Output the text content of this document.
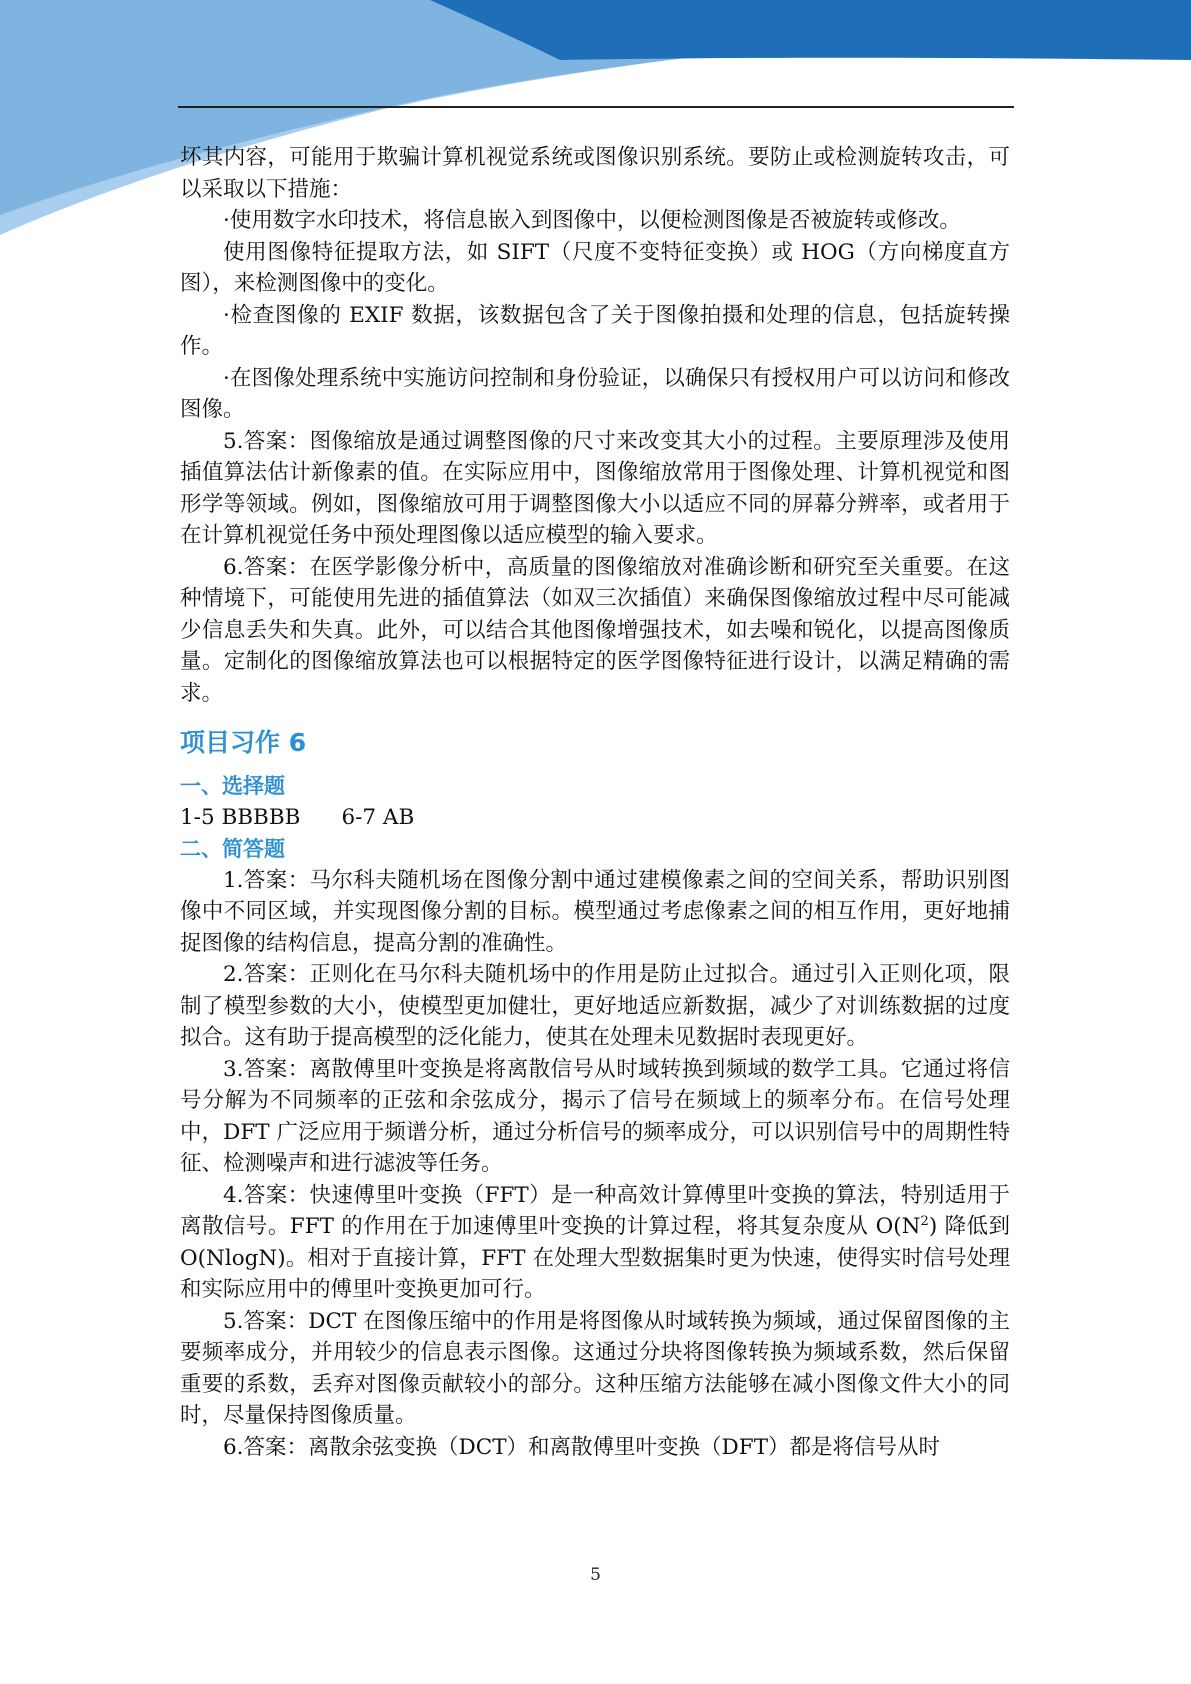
坏其内容，可能用于欺骗计算机视觉系统或图像识别系统。要防止或检测旋转攻击，可以采取以下措施：

·使用数字水印技术，将信息嵌入到图像中，以便检测图像是否被旋转或修改。

使用图像特征提取方法，如 SIFT（尺度不变特征变换）或 HOG（方向梯度直方图），来检测图像中的变化。

·检查图像的 EXIF 数据，该数据包含了关于图像拍摄和处理的信息，包括旋转操作。

·在图像处理系统中实施访问控制和身份验证，以确保只有授权用户可以访问和修改图像。

5.答案：图像缩放是通过调整图像的尺寸来改变其大小的过程。主要原理涉及使用插值算法估计新像素的值。在实际应用中，图像缩放常用于图像处理、计算机视觉和图形学等领域。例如，图像缩放可用于调整图像大小以适应不同的屏幕分辨率，或者用于在计算机视觉任务中预处理图像以适应模型的输入要求。

6.答案：在医学影像分析中，高质量的图像缩放对准确诊断和研究至关重要。在这种情境下，可能使用先进的插值算法（如双三次插值）来确保图像缩放过程中尽可能减少信息丢失和失真。此外，可以结合其他图像增强技术，如去噪和锐化，以提高图像质量。定制化的图像缩放算法也可以根据特定的医学图像特征进行设计，以满足精确的需求。

项目习作 6
一、选择题

1-5 BBBBB      6-7 AB

二、简答题

1.答案：马尔科夫随机场在图像分割中通过建模像素之间的空间关系，帮助识别图像中不同区域，并实现图像分割的目标。模型通过考虑像素之间的相互作用，更好地捕捉图像的结构信息，提高分割的准确性。

2.答案：正则化在马尔科夫随机场中的作用是防止过拟合。通过引入正则化项，限制了模型参数的大小，使模型更加健壮，更好地适应新数据，减少了对训练数据的过度拟合。这有助于提高模型的泛化能力，使其在处理未见数据时表现更好。

3.答案：离散傅里叶变换是将离散信号从时域转换到频域的数学工具。它通过将信号分解为不同频率的正弦和余弦成分，揭示了信号在频域上的频率分布。在信号处理中，DFT 广泛应用于频谱分析，通过分析信号的频率成分，可以识别信号中的周期性特征、检测噪声和进行滤波等任务。

4.答案：快速傅里叶变换（FFT）是一种高效计算傅里叶变换的算法，特别适用于离散信号。FFT 的作用在于加速傅里叶变换的计算过程，将其复杂度从 $O(N^2)$ 降低到 O(NlogN)。相对于直接计算，FFT 在处理大型数据集时更为快速，使得实时信号处理和实际应用中的傅里叶变换更加可行。

5.答案：DCT 在图像压缩中的作用是将图像从时域转换为频域，通过保留图像的主要频率成分，并用较少的信息表示图像。这通过分块将图像转换为频域系数，然后保留重要的系数，丢弃对图像贡献较小的部分。这种压缩方法能够在减小图像文件大小的同时，尽量保持图像质量。

6.答案：离散余弦变换（DCT）和离散傅里叶变换（DFT）都是将信号从时

5
